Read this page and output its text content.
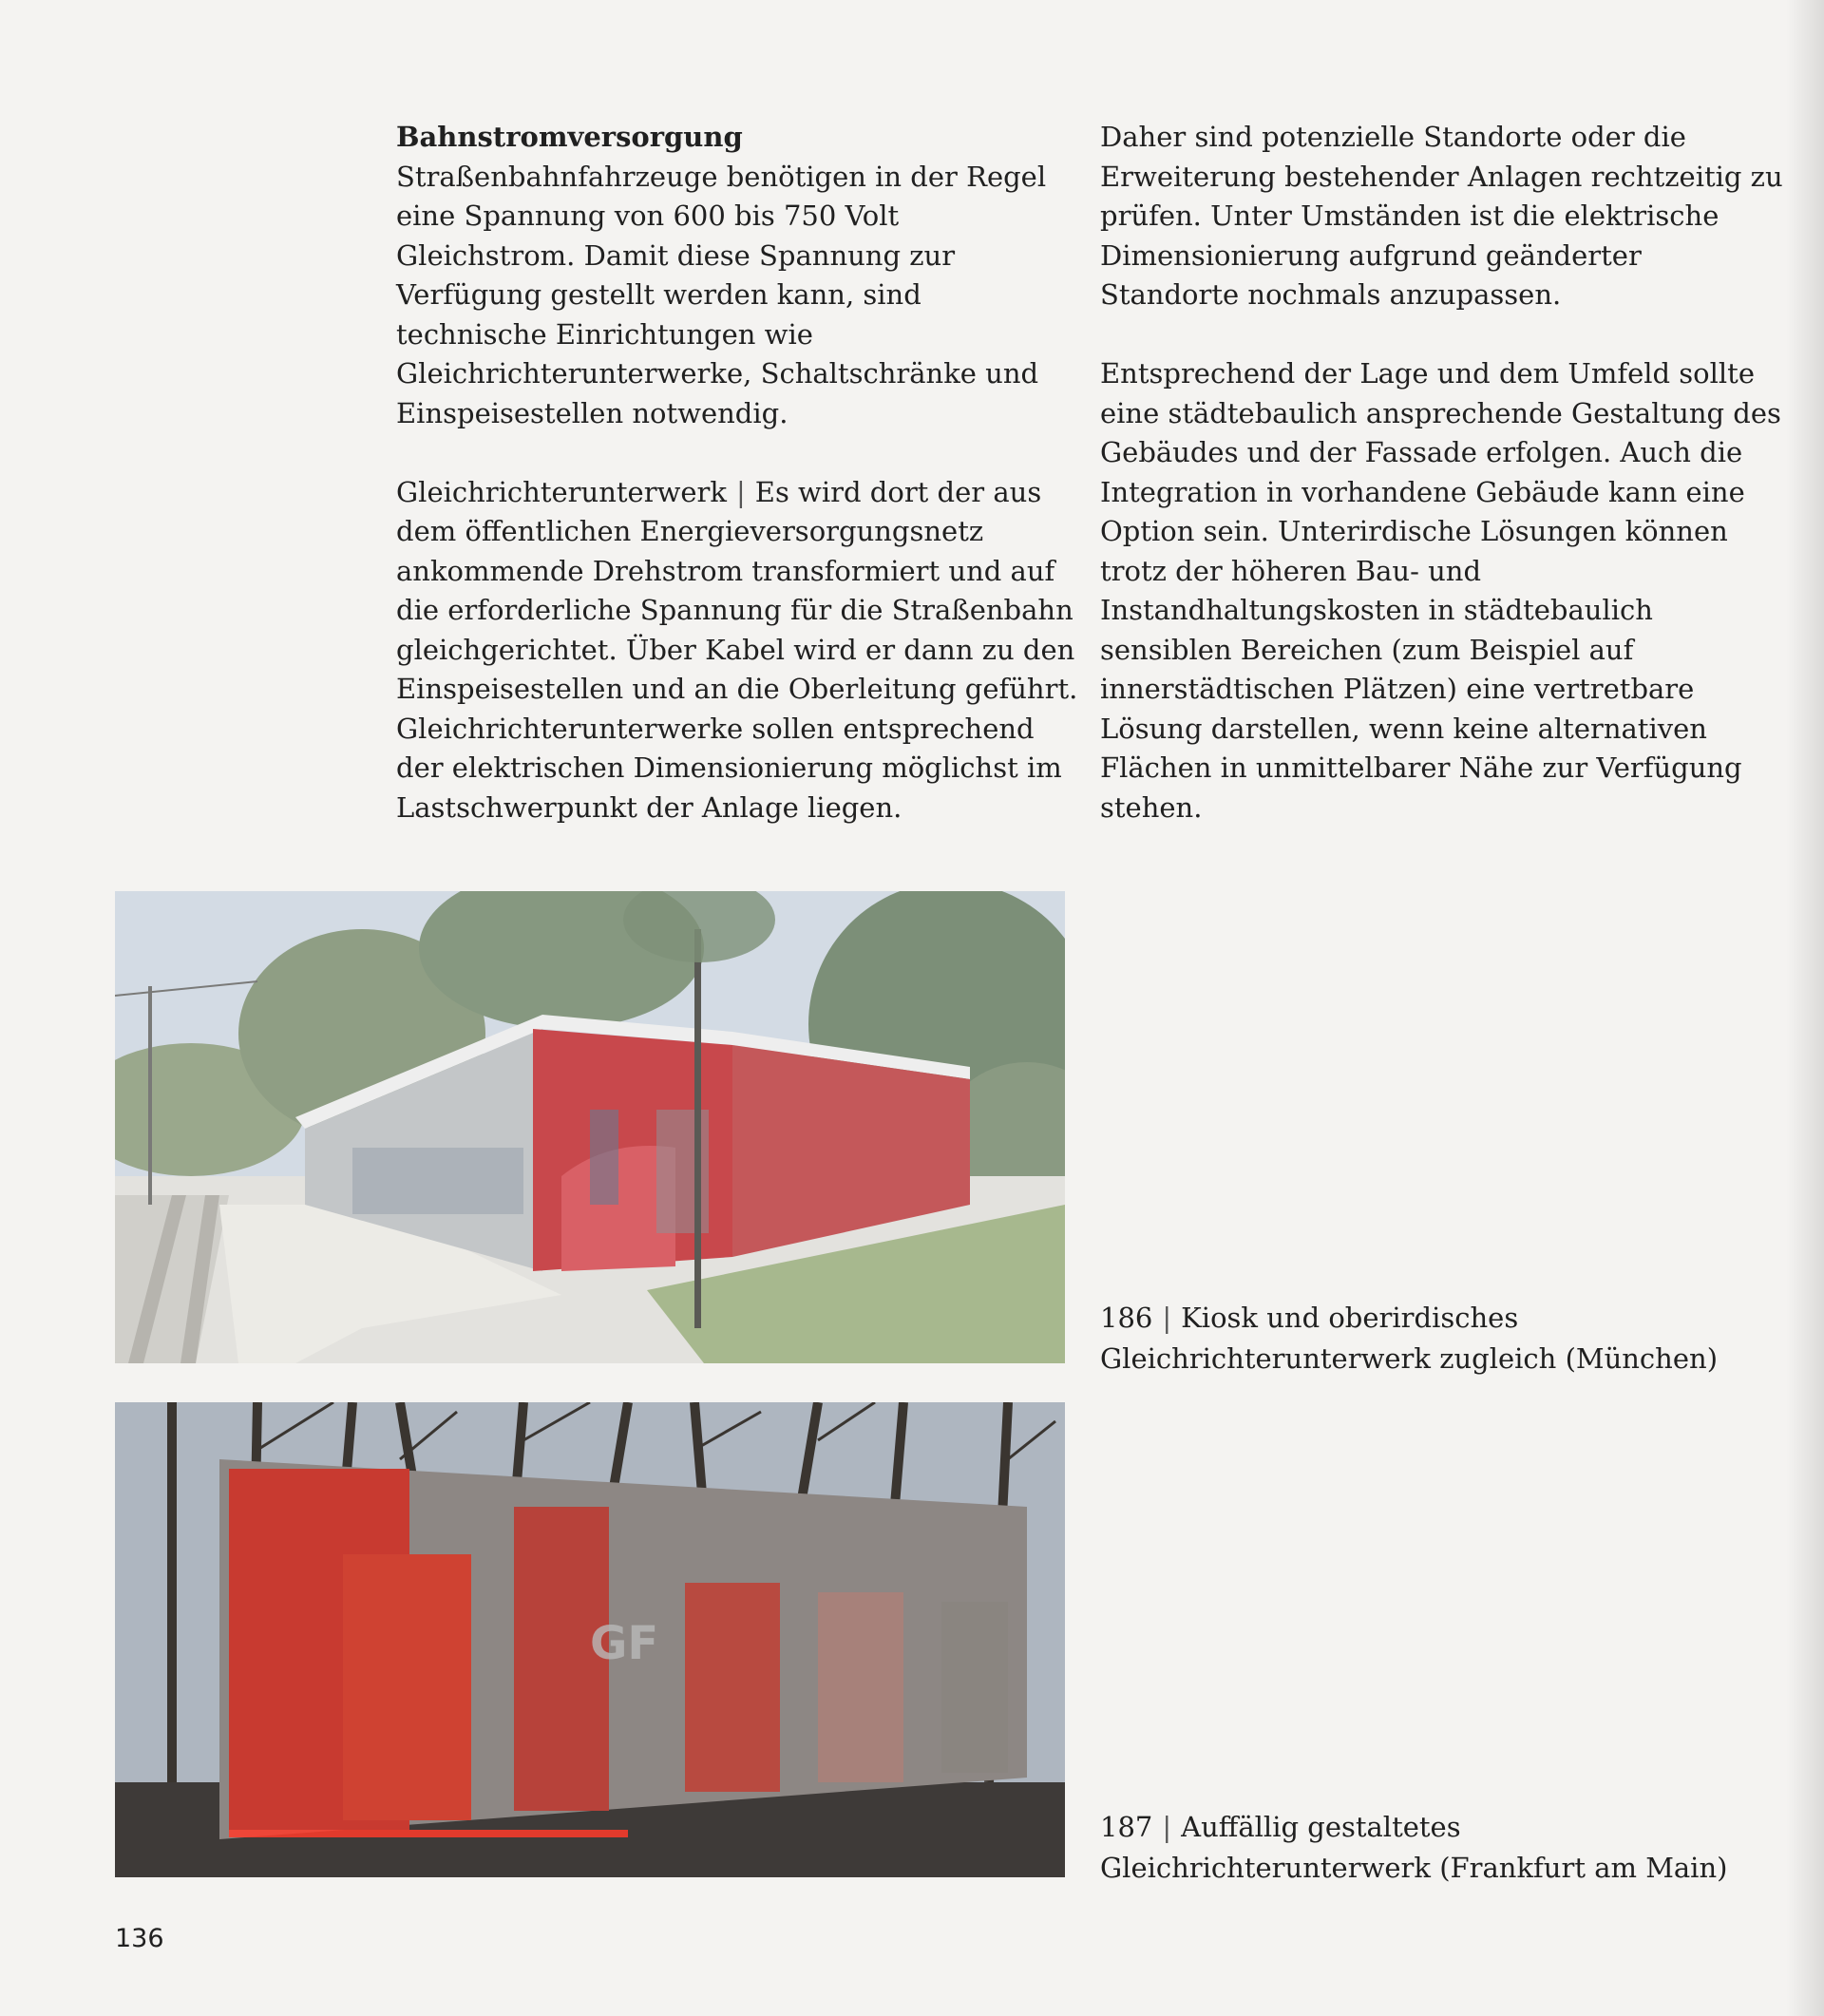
Bahnstromversorgung
Straßenbahnfahrzeuge benötigen in der Regel eine Spannung von 600 bis 750 Volt Gleichstrom. Damit diese Spannung zur Verfügung gestellt werden kann, sind technische Einrichtungen wie Gleichrichterunterwerke, Schaltschränke und Einspeisestellen notwendig.

Gleichrichterunterwerk | Es wird dort der aus dem öffentlichen Energieversorgungsnetz ankommende Drehstrom transformiert und auf die erforderliche Spannung für die Straßenbahn gleichgerichtet. Über Kabel wird er dann zu den Einspeisestellen und an die Oberleitung geführt. Gleichrichterunterwerke sollen entsprechend der elektrischen Dimensionierung möglichst im Lastschwerpunkt der Anlage liegen.

Daher sind potenzielle Standorte oder die Erweiterung bestehender Anlagen rechtzeitig zu prüfen. Unter Umständen ist die elektrische Dimensionierung aufgrund geänderter Standorte nochmals anzupassen.

Entsprechend der Lage und dem Umfeld sollte eine städtebaulich ansprechende Gestaltung des Gebäudes und der Fassade erfolgen. Auch die Integration in vorhandene Gebäude kann eine Option sein. Unterirdische Lösungen können trotz der höheren Bau- und Instandhaltungskosten in städtebaulich sensiblen Bereichen (zum Beispiel auf innerstädtischen Plätzen) eine vertretbare Lösung darstellen, wenn keine alternativen Flächen in unmittelbarer Nähe zur Verfügung stehen.

GF
186 | Kiosk und oberirdisches Gleichrichterunterwerk zugleich (München)
187 | Auffällig gestaltetes Gleichrichterunterwerk (Frankfurt am Main)
136
